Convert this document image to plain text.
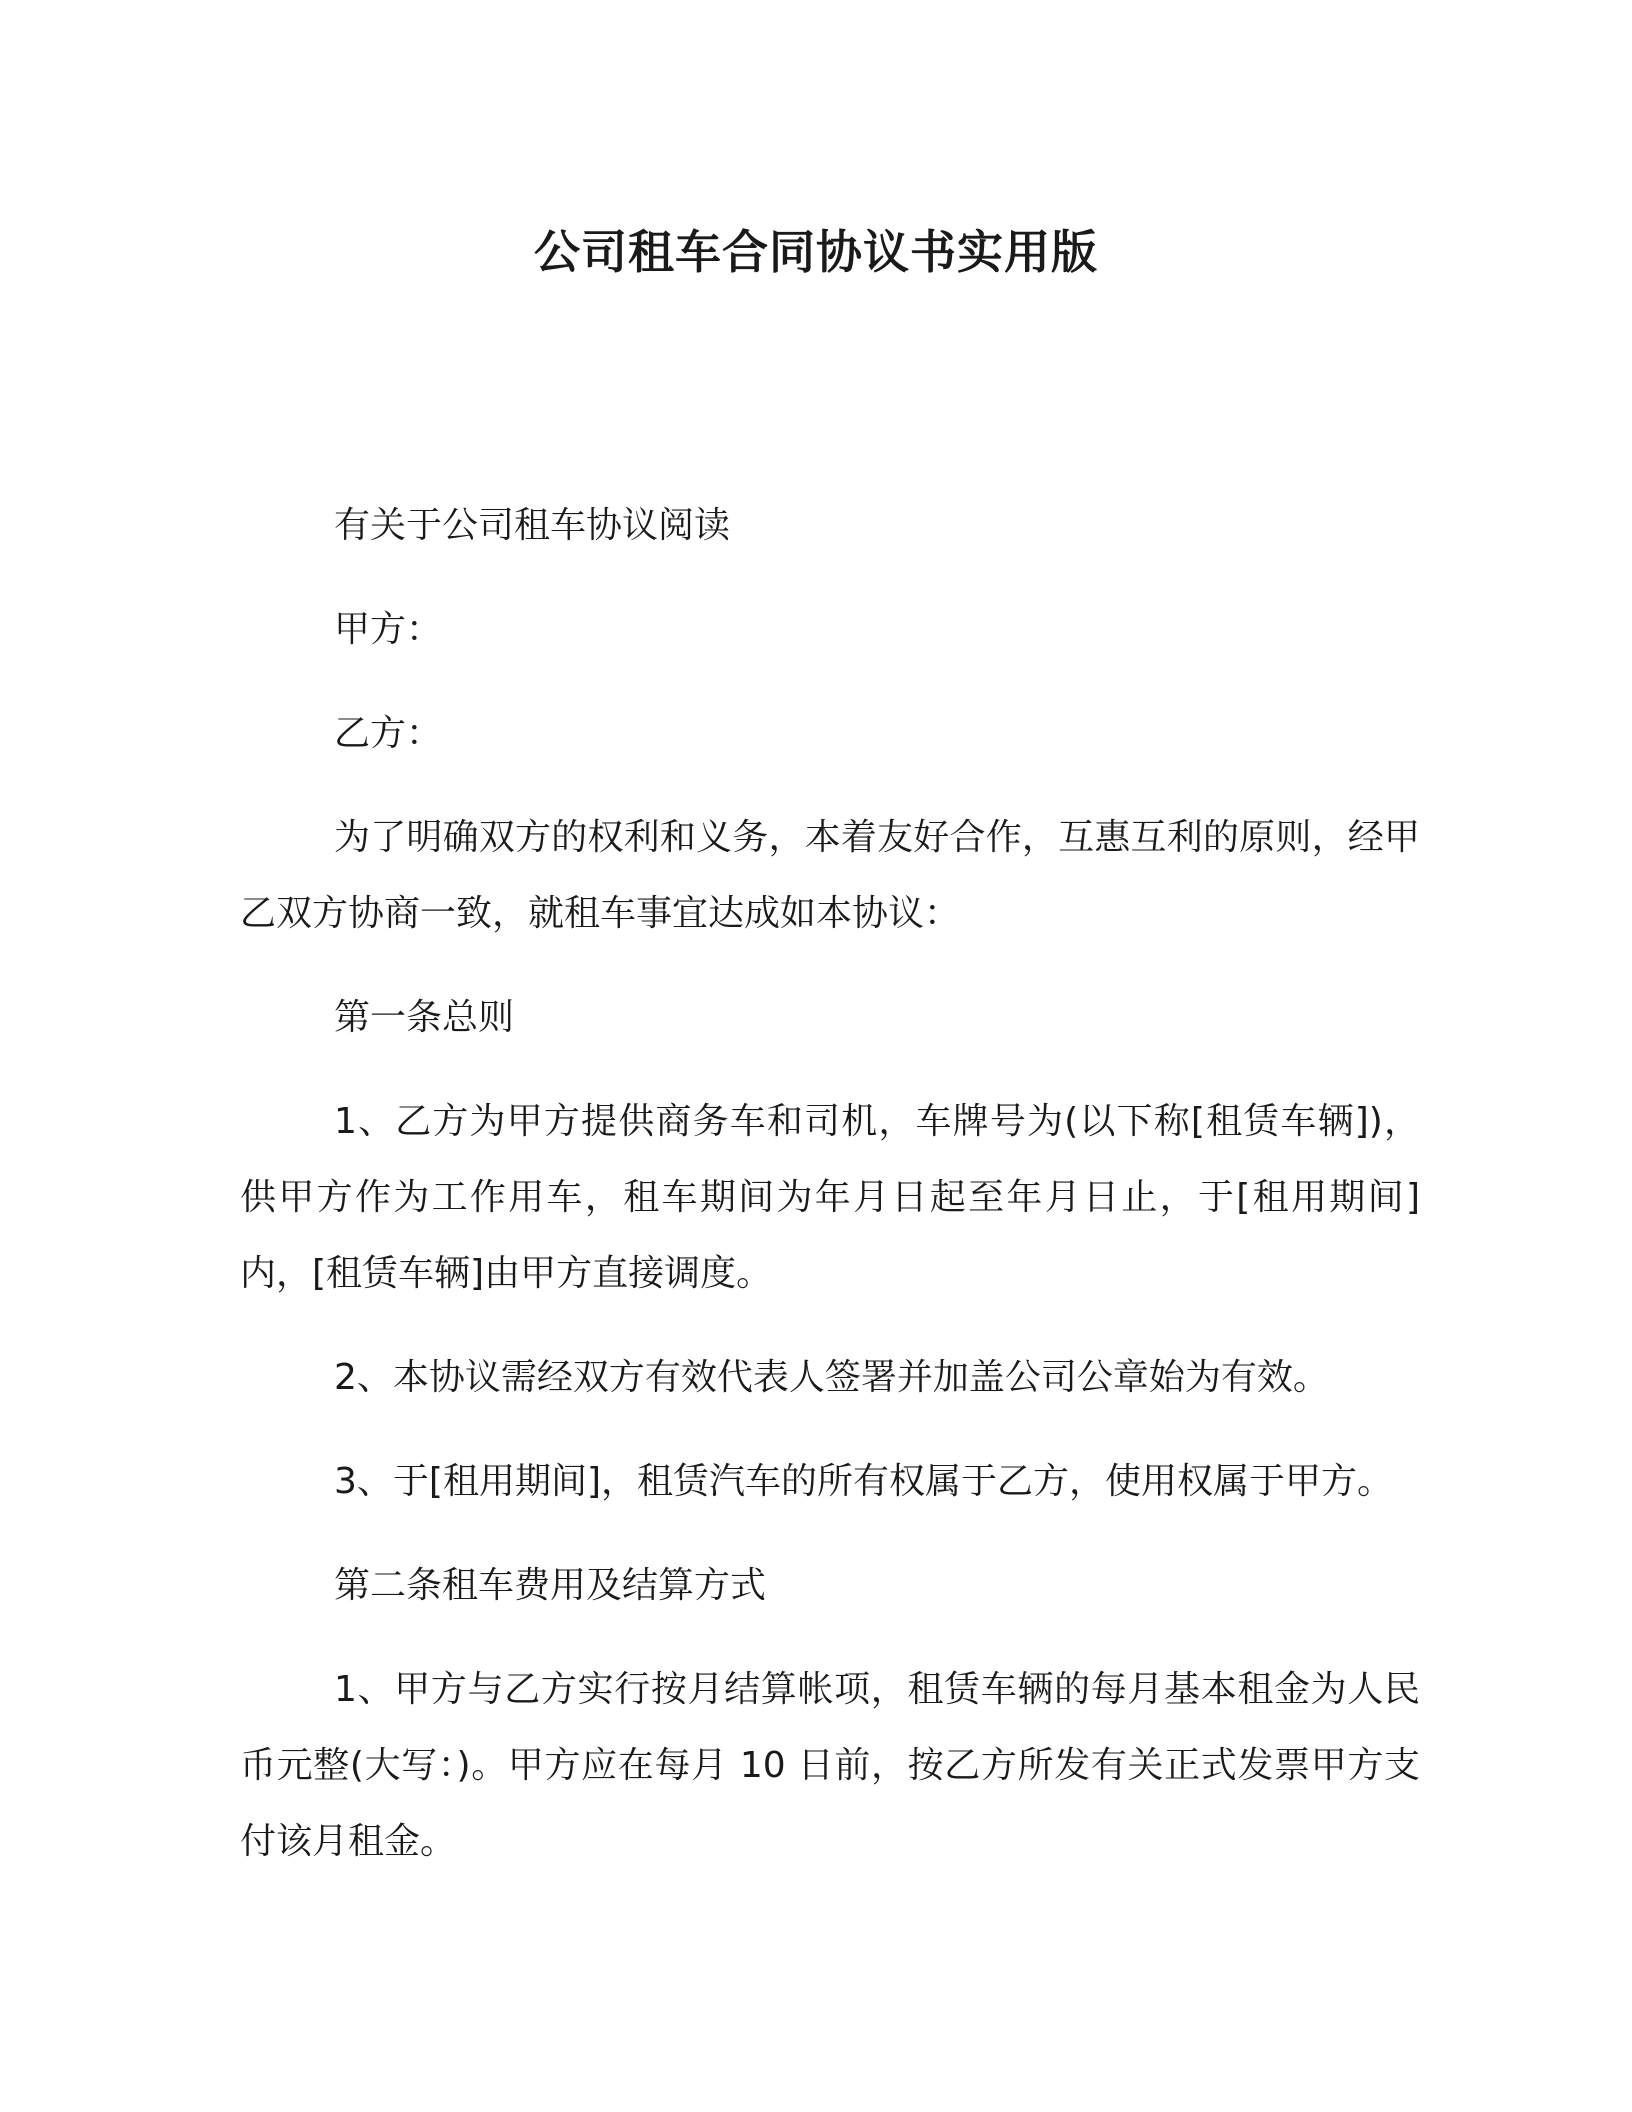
公司租车合同协议书实用版

有关于公司租车协议阅读

甲方：

乙方：

为了明确双方的权利和义务，本着友好合作，互惠互利的原则，经甲乙双方协商一致，就租车事宜达成如本协议：

第一条总则

1、乙方为甲方提供商务车和司机，车牌号为(以下称[租赁车辆])，供甲方作为工作用车，租车期间为年月日起至年月日止，于[租用期间]内，[租赁车辆]由甲方直接调度。

2、本协议需经双方有效代表人签署并加盖公司公章始为有效。

3、于[租用期间]，租赁汽车的所有权属于乙方，使用权属于甲方。

第二条租车费用及结算方式

1、甲方与乙方实行按月结算帐项，租赁车辆的每月基本租金为人民币元整(大写：)。甲方应在每月 10 日前，按乙方所发有关正式发票甲方支付该月租金。
